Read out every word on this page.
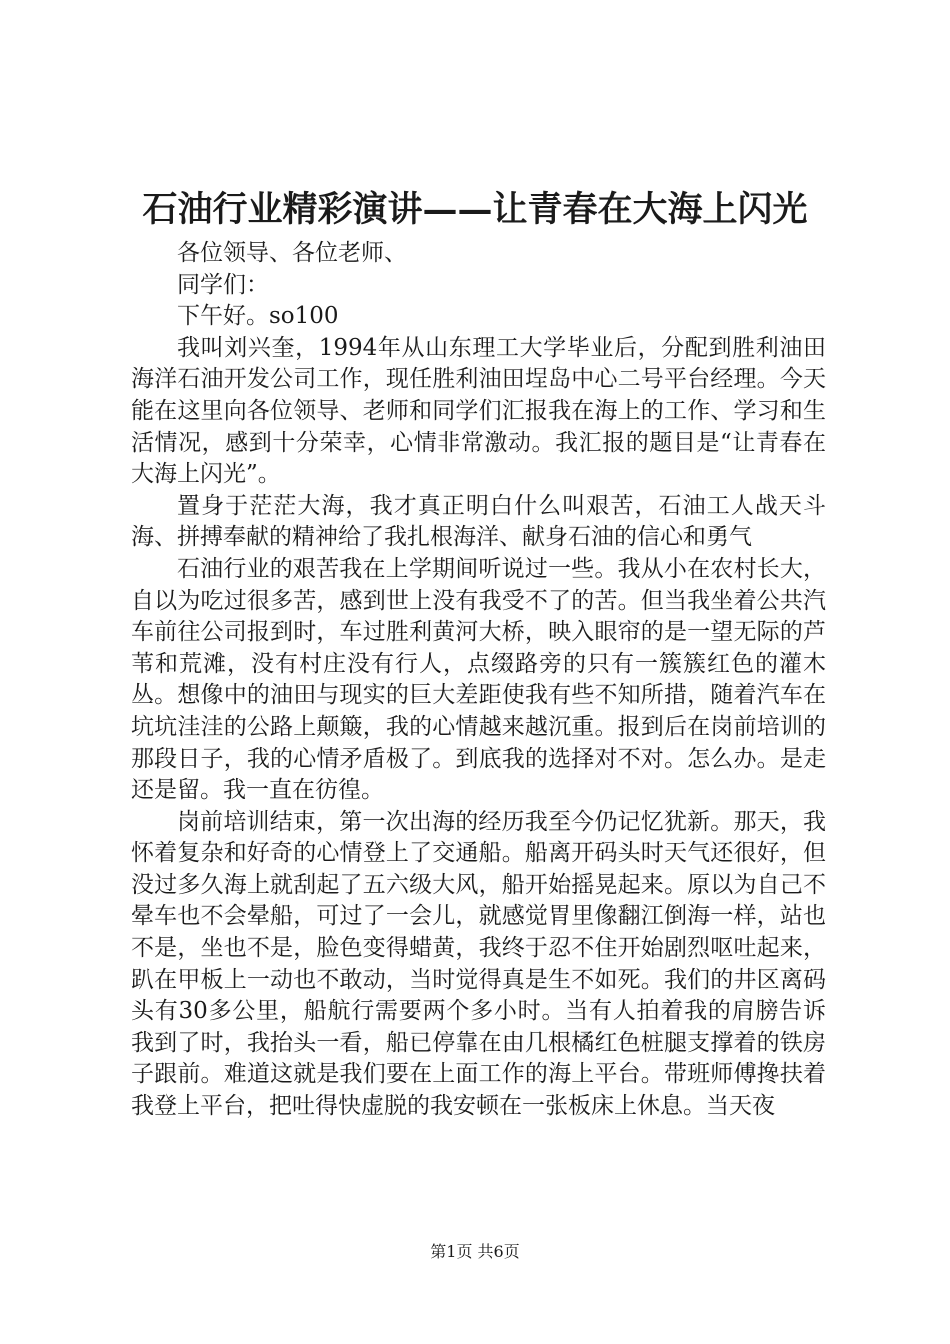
石油行业精彩演讲——让青春在大海上闪光

各位领导、各位老师、

同学们：

下午好。so100

我叫刘兴奎，1994年从山东理工大学毕业后，分配到胜利油田海洋石油开发公司工作，现任胜利油田埕岛中心二号平台经理。今天能在这里向各位领导、老师和同学们汇报我在海上的工作、学习和生活情况，感到十分荣幸，心情非常激动。我汇报的题目是“让青春在大海上闪光”。

置身于茫茫大海，我才真正明白什么叫艰苦，石油工人战天斗海、拼搏奉献的精神给了我扎根海洋、献身石油的信心和勇气

石油行业的艰苦我在上学期间听说过一些。我从小在农村长大，自以为吃过很多苦，感到世上没有我受不了的苦。但当我坐着公共汽车前往公司报到时，车过胜利黄河大桥，映入眼帘的是一望无际的芦苇和荒滩，没有村庄没有行人，点缀路旁的只有一簇簇红色的灌木丛。想像中的油田与现实的巨大差距使我有些不知所措，随着汽车在坑坑洼洼的公路上颠簸，我的心情越来越沉重。报到后在岗前培训的那段日子，我的心情矛盾极了。到底我的选择对不对。怎么办。是走还是留。我一直在彷徨。

岗前培训结束，第一次出海的经历我至今仍记忆犹新。那天，我怀着复杂和好奇的心情登上了交通船。船离开码头时天气还很好，但没过多久海上就刮起了五六级大风，船开始摇晃起来。原以为自己不晕车也不会晕船，可过了一会儿，就感觉胃里像翻江倒海一样，站也不是，坐也不是，脸色变得蜡黄，我终于忍不住开始剧烈呕吐起来，趴在甲板上一动也不敢动，当时觉得真是生不如死。我们的井区离码头有30多公里，船航行需要两个多小时。当有人拍着我的肩膀告诉我到了时，我抬头一看，船已停靠在由几根橘红色桩腿支撑着的铁房子跟前。难道这就是我们要在上面工作的海上平台。带班师傅搀扶着我登上平台，把吐得快虚脱的我安顿在一张板床上休息。当天夜

第1页 共6页
